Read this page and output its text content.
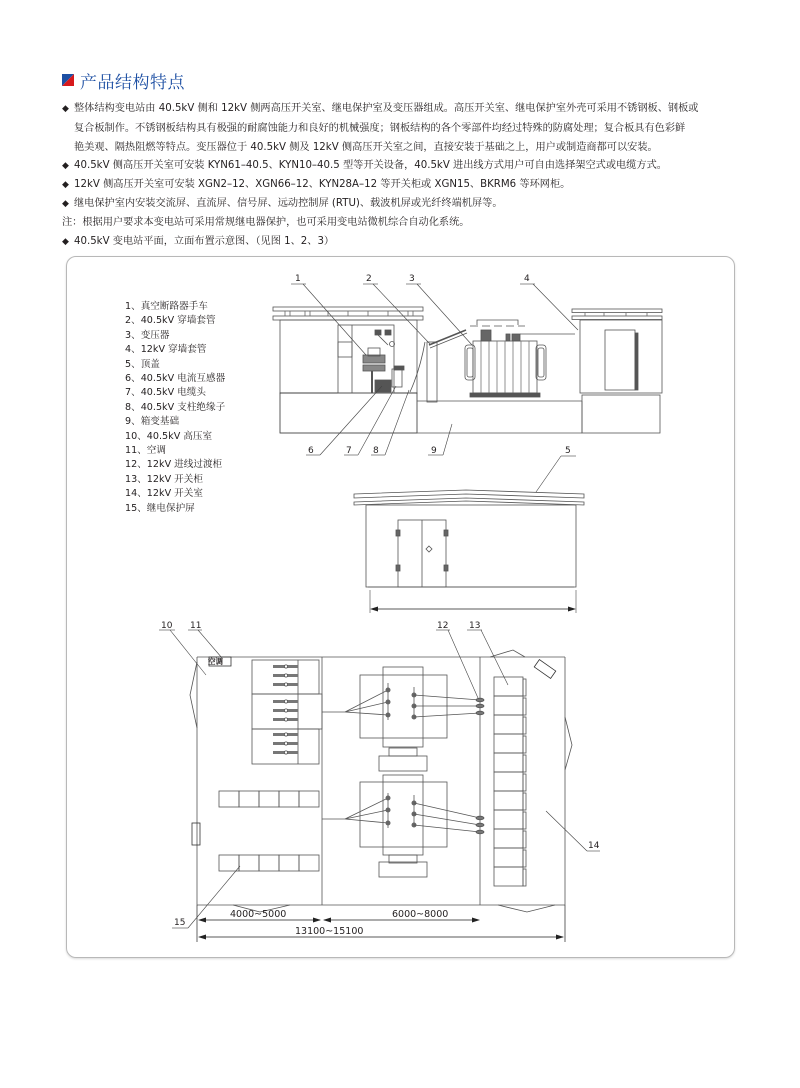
产品结构特点
◆ 整体结构变电站由 40.5kV 侧和 12kV 侧两高压开关室、继电保护室及变压器组成。高压开关室、继电保护室外壳可采用不锈钢板、钢板或
复合板制作。不锈钢板结构具有极强的耐腐蚀能力和良好的机械强度；钢板结构的各个零部件均经过特殊的防腐处理；复合板具有色彩鲜
艳美观、隔热阻燃等特点。变压器位于 40.5kV 侧及 12kV 侧高压开关室之间，直接安装于基础之上，用户或制造商都可以安装。
◆ 40.5kV 侧高压开关室可安装 KYN61–40.5、KYN10–40.5 型等开关设备，40.5kV 进出线方式用户可自由选择架空式或电缆方式。
◆ 12kV 侧高压开关室可安装 XGN2–12、XGN66–12、KYN28A–12 等开关柜或 XGN15、BKRM6 等环网柜。
◆ 继电保护室内安装交流屏、直流屏、信号屏、远动控制屏 (RTU)、载波机屏或光纤终端机屏等。
注：根据用户要求本变电站可采用常规继电器保护，也可采用变电站微机综合自动化系统。
◆ 40.5kV 变电站平面，立面布置示意图、（见图 1、2、3）
1、真空断路器手车
2、40.5kV 穿墙套管
3、变压器
4、12kV 穿墙套管
5、顶盖
6、40.5kV 电流互感器
7、40.5kV 电缆头
8、40.5kV 支柱绝缘子
9、箱变基础
10、40.5kV 高压室
11、空调
12、12kV 进线过渡柜
13、12kV 开关柜
14、12kV 开关室
15、继电保护屏
1	2	3	4
6	7 8	9	5
空调
4000~5000	6000~8000
13100~15100
10 11	12 13
14
15
